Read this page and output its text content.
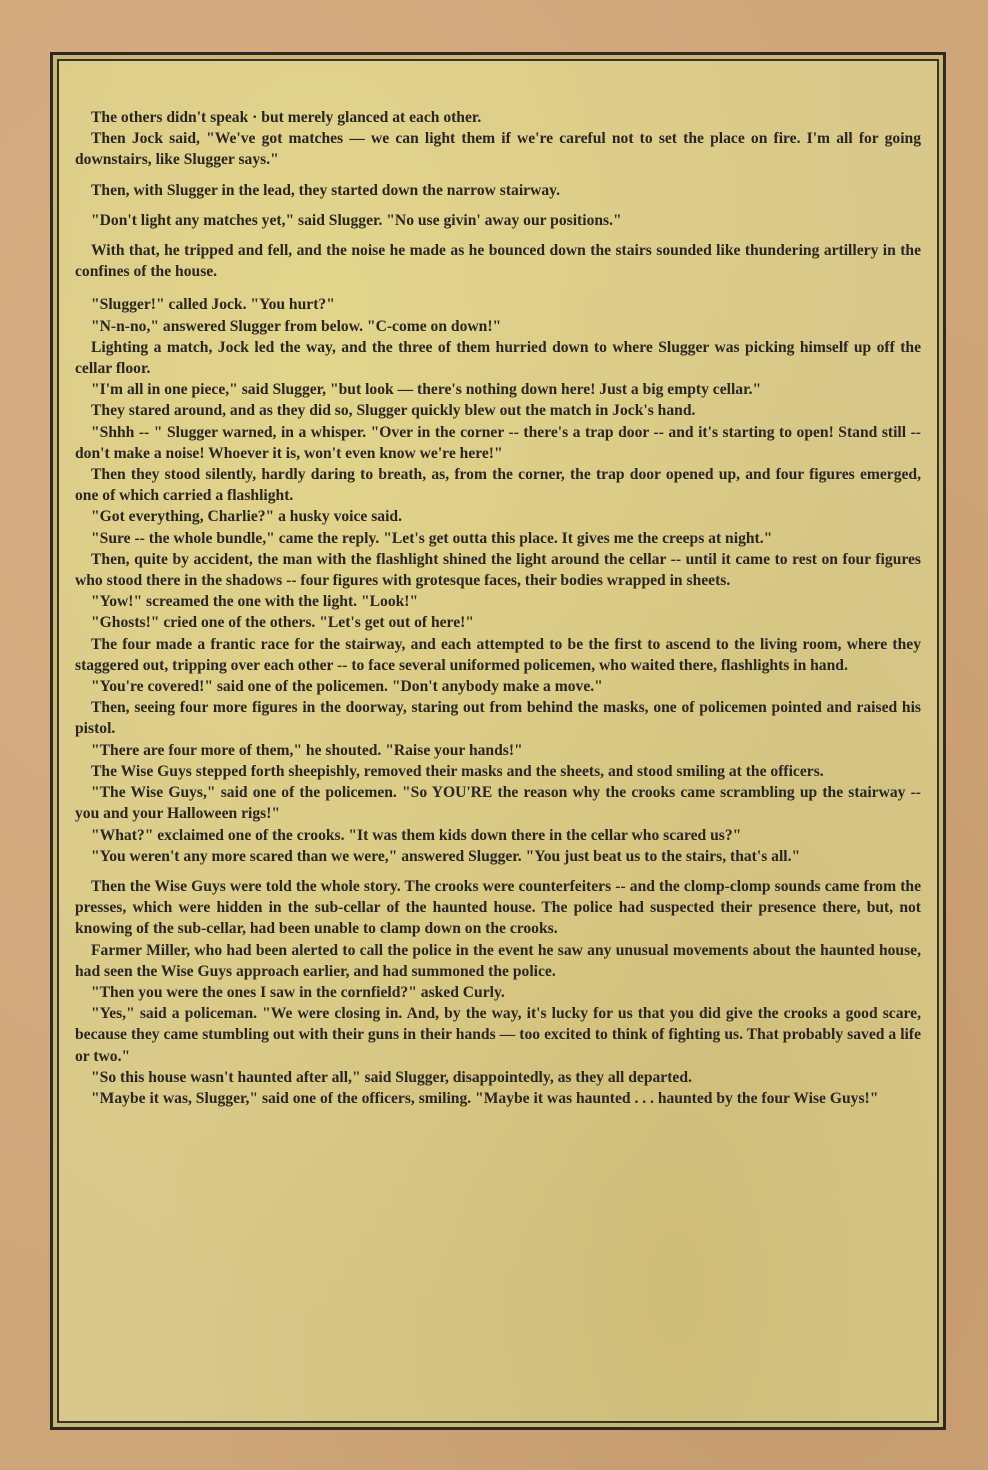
The others didn't speak · but merely glanced at each other.

Then Jock said, "We've got matches — we can light them if we're careful not to set the place on fire. I'm all for going downstairs, like Slugger says."

Then, with Slugger in the lead, they started down the narrow stairway.

"Don't light any matches yet," said Slugger. "No use givin' away our positions."

With that, he tripped and fell, and the noise he made as he bounced down the stairs sounded like thundering artillery in the confines of the house.

"Slugger!" called Jock. "You hurt?"

"N-n-no," answered Slugger from below. "C-come on down!"

Lighting a match, Jock led the way, and the three of them hurried down to where Slugger was picking himself up off the cellar floor.

"I'm all in one piece," said Slugger, "but look — there's nothing down here! Just a big empty cellar."

They stared around, and as they did so, Slugger quickly blew out the match in Jock's hand.

"Shhh -- " Slugger warned, in a whisper. "Over in the corner -- there's a trap door -- and it's starting to open! Stand still -- don't make a noise! Whoever it is, won't even know we're here!"

Then they stood silently, hardly daring to breath, as, from the corner, the trap door opened up, and four figures emerged, one of which carried a flashlight.

"Got everything, Charlie?" a husky voice said.

"Sure -- the whole bundle," came the reply. "Let's get outta this place. It gives me the creeps at night."

Then, quite by accident, the man with the flashlight shined the light around the cellar -- until it came to rest on four figures who stood there in the shadows -- four figures with grotesque faces, their bodies wrapped in sheets.

"Yow!" screamed the one with the light. "Look!"

"Ghosts!" cried one of the others. "Let's get out of here!"

The four made a frantic race for the stairway, and each attempted to be the first to ascend to the living room, where they staggered out, tripping over each other -- to face several uniformed policemen, who waited there, flashlights in hand.

"You're covered!" said one of the policemen. "Don't anybody make a move."

Then, seeing four more figures in the doorway, staring out from behind the masks, one of policemen pointed and raised his pistol.

"There are four more of them," he shouted. "Raise your hands!"

The Wise Guys stepped forth sheepishly, removed their masks and the sheets, and stood smiling at the officers.

"The Wise Guys," said one of the policemen. "So YOU'RE the reason why the crooks came scrambling up the stairway -- you and your Halloween rigs!"

"What?" exclaimed one of the crooks. "It was them kids down there in the cellar who scared us?"

"You weren't any more scared than we were," answered Slugger. "You just beat us to the stairs, that's all."

Then the Wise Guys were told the whole story. The crooks were counterfeiters -- and the clomp-clomp sounds came from the presses, which were hidden in the sub-cellar of the haunted house. The police had suspected their presence there, but, not knowing of the sub-cellar, had been unable to clamp down on the crooks.

Farmer Miller, who had been alerted to call the police in the event he saw any unusual movements about the haunted house, had seen the Wise Guys approach earlier, and had summoned the police.

"Then you were the ones I saw in the cornfield?" asked Curly.

"Yes," said a policeman. "We were closing in. And, by the way, it's lucky for us that you did give the crooks a good scare, because they came stumbling out with their guns in their hands — too excited to think of fighting us. That probably saved a life or two."

"So this house wasn't haunted after all," said Slugger, disappointedly, as they all departed.

"Maybe it was, Slugger," said one of the officers, smiling. "Maybe it was haunted . . . haunted by the four Wise Guys!"
